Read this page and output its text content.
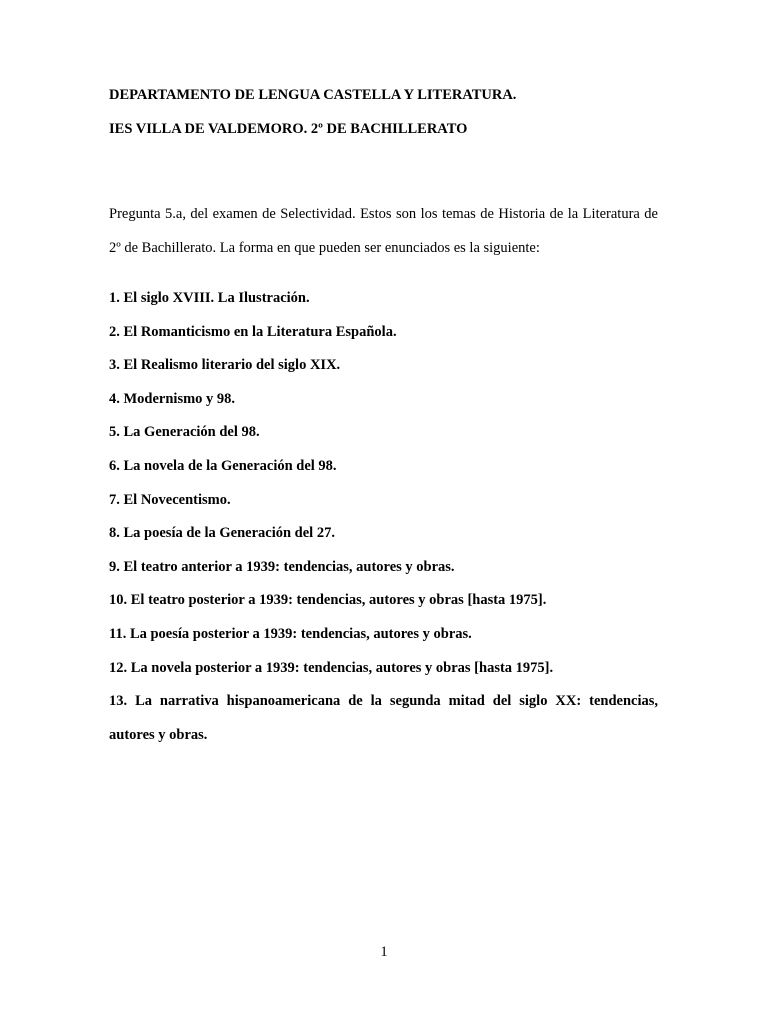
DEPARTAMENTO DE LENGUA CASTELLA Y LITERATURA.
IES VILLA DE VALDEMORO. 2º DE BACHILLERATO

Pregunta 5.a, del examen de Selectividad. Estos son los temas de Historia de la Literatura de 2º de Bachillerato. La forma en que pueden ser enunciados es la siguiente:

1. El siglo XVIII. La Ilustración.
2. El Romanticismo en la Literatura Española.
3. El Realismo literario del siglo XIX.
4. Modernismo y 98.
5. La Generación del 98.
6. La novela de la Generación del 98.
7. El Novecentismo.
8. La poesía de la Generación del 27.
9. El teatro anterior a 1939: tendencias, autores y obras.
10. El teatro posterior a 1939: tendencias, autores y obras [hasta 1975].
11. La poesía posterior a 1939: tendencias, autores y obras.
12. La novela posterior a 1939: tendencias, autores y obras [hasta 1975].
13. La narrativa hispanoamericana de la segunda mitad del siglo XX: tendencias, autores y obras.
1
